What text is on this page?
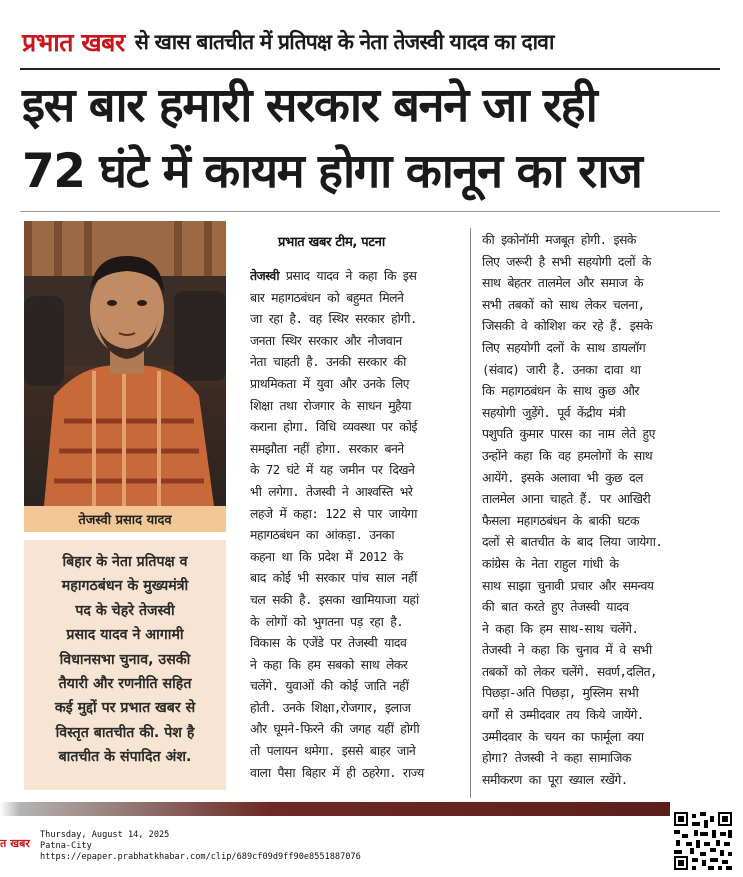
प्रभात खबर से खास बातचीत में प्रतिपक्ष के नेता तेजस्वी यादव का दावा
इस बार हमारी सरकार बनने जा रही
72 घंटे में कायम होगा कानून का राज
तेजस्वी प्रसाद यादव
बिहार के नेता प्रतिपक्ष व
महागठबंधन के मुख्यमंत्री
पद के चेहरे तेजस्वी
प्रसाद यादव ने आगामी
विधानसभा चुनाव, उसकी
तैयारी और रणनीति सहित
कई मुद्दों पर प्रभात खबर से
विस्तृत बातचीत की. पेश है
बातचीत के संपादित अंश.
प्रभात खबर टीम, पटना
तेजस्वी प्रसाद यादव ने कहा कि इस
बार महागठबंधन को बहुमत मिलने
जा रहा है. वह स्थिर सरकार होगी.
जनता स्थिर सरकार और नौजवान
नेता चाहती है. उनकी सरकार की
प्राथमिकता में युवा और उनके लिए
शिक्षा तथा रोजगार के साधन मुहैया
कराना होगा. विधि व्यवस्था पर कोई
समझौता नहीं होगा. सरकार बनने
के 72 घंटे में यह जमीन पर दिखने
भी लगेगा. तेजस्वी ने आश्वस्ति भरे
लहजे में कहा: 122 से पार जायेगा
महागठबंधन का आंकड़ा. उनका
कहना था कि प्रदेश में 2012 के
बाद कोई भी सरकार पांच साल नहीं
चल सकी है. इसका खामियाजा यहां
के लोगों को भुगतना पड़ रहा है.
विकास के एजेंडे पर तेजस्वी यादव
ने कहा कि हम सबको साथ लेकर
चलेंगे. युवाओं की कोई जाति नहीं
होती. उनके शिक्षा,रोजगार, इलाज
और घूमने-फिरने की जगह यहीं होगी
तो पलायन थमेगा. इससे बाहर जाने
वाला पैसा बिहार में ही ठहरेगा. राज्य
की इकोनॉमी मजबूत होगी. इसके
लिए जरूरी है सभी सहयोगी दलों के
साथ बेहतर तालमेल और समाज के
सभी तबकों को साथ लेकर चलना,
जिसकी वे कोशिश कर रहे हैं. इसके
लिए सहयोगी दलों के साथ डायलॉग
(संवाद) जारी है. उनका दावा था
कि महागठबंधन के साथ कुछ और
सहयोगी जुड़ेंगे. पूर्व केंद्रीय मंत्री
पशुपति कुमार पारस का नाम लेते हुए
उन्होंने कहा कि वह हमलोगों के साथ
आयेंगे. इसके अलावा भी कुछ दल
तालमेल आना चाहते हैं. पर आखिरी
फैसला महागठबंधन के बाकी घटक
दलों से बातचीत के बाद लिया जायेगा.
कांग्रेस के नेता राहुल गांधी के
साथ साझा चुनावी प्रचार और समन्वय
की बात करते हुए तेजस्वी यादव
ने कहा कि हम साथ-साथ चलेंगे.
तेजस्वी ने कहा कि चुनाव में वे सभी
तबकों को लेकर चलेंगे. सवर्ण,दलित,
पिछड़ा-अति पिछड़ा, मुस्लिम सभी
वर्गों से उम्मीदवार तय किये जायेंगे.
उम्मीदवार के चयन का फार्मूला क्या
होगा? तेजस्वी ने कहा सामाजिक
समीकरण का पूरा ख्याल रखेंगे.
त खबर
Thursday, August 14, 2025
Patna-City
https://epaper.prabhatkhabar.com/clip/689cf09d9ff90e8551887076
